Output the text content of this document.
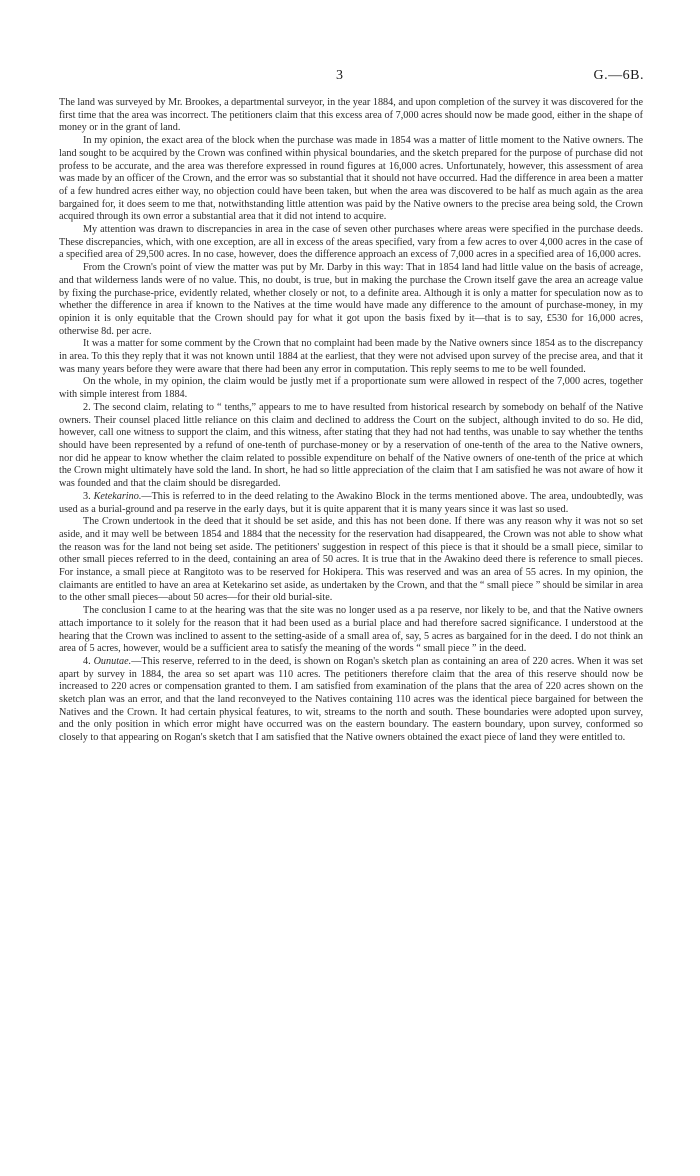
3	G.—6B.

The land was surveyed by Mr. Brookes, a departmental surveyor, in the year 1884, and upon completion of the survey it was discovered for the first time that the area was incorrect. The petitioners claim that this excess area of 7,000 acres should now be made good, either in the shape of money or in the grant of land.

In my opinion, the exact area of the block when the purchase was made in 1854 was a matter of little moment to the Native owners. The land sought to be acquired by the Crown was confined within physical boundaries, and the sketch prepared for the purpose of purchase did not profess to be accurate, and the area was therefore expressed in round figures at 16,000 acres. Unfortunately, however, this assessment of area was made by an officer of the Crown, and the error was so substantial that it should not have occurred. Had the difference in area been a matter of a few hundred acres either way, no objection could have been taken, but when the area was discovered to be half as much again as the area bargained for, it does seem to me that, notwithstanding little attention was paid by the Native owners to the precise area being sold, the Crown acquired through its own error a substantial area that it did not intend to acquire.

My attention was drawn to discrepancies in area in the case of seven other purchases where areas were specified in the purchase deeds. These discrepancies, which, with one exception, are all in excess of the areas specified, vary from a few acres to over 4,000 acres in the case of a specified area of 29,500 acres. In no case, however, does the difference approach an excess of 7,000 acres in a specified area of 16,000 acres.

From the Crown's point of view the matter was put by Mr. Darby in this way: That in 1854 land had little value on the basis of acreage, and that wilderness lands were of no value. This, no doubt, is true, but in making the purchase the Crown itself gave the area an acreage value by fixing the purchase-price, evidently related, whether closely or not, to a definite area. Although it is only a matter for speculation now as to whether the difference in area if known to the Natives at the time would have made any difference to the amount of purchase-money, in my opinion it is only equitable that the Crown should pay for what it got upon the basis fixed by it—that is to say, £530 for 16,000 acres, otherwise 8d. per acre.

It was a matter for some comment by the Crown that no complaint had been made by the Native owners since 1854 as to the discrepancy in area. To this they reply that it was not known until 1884 at the earliest, that they were not advised upon survey of the precise area, and that it was many years before they were aware that there had been any error in computation. This reply seems to me to be well founded.

On the whole, in my opinion, the claim would be justly met if a proportionate sum were allowed in respect of the 7,000 acres, together with simple interest from 1884.

2. The second claim, relating to “ tenths,” appears to me to have resulted from historical research by somebody on behalf of the Native owners. Their counsel placed little reliance on this claim and declined to address the Court on the subject, although invited to do so. He did, however, call one witness to support the claim, and this witness, after stating that they had not had tenths, was unable to say whether the tenths should have been represented by a refund of one-tenth of purchase-money or by a reservation of one-tenth of the area to the Native owners, nor did he appear to know whether the claim related to possible expenditure on behalf of the Native owners of one-tenth of the price at which the Crown might ultimately have sold the land. In short, he had so little appreciation of the claim that I am satisfied he was not aware of how it was founded and that the claim should be disregarded.

3. Ketekarino.—This is referred to in the deed relating to the Awakino Block in the terms mentioned above. The area, undoubtedly, was used as a burial-ground and pa reserve in the early days, but it is quite apparent that it is many years since it was last so used.

The Crown undertook in the deed that it should be set aside, and this has not been done. If there was any reason why it was not so set aside, and it may well be between 1854 and 1884 that the necessity for the reservation had disappeared, the Crown was not able to show what the reason was for the land not being set aside. The petitioners' suggestion in respect of this piece is that it should be a small piece, similar to other small pieces referred to in the deed, containing an area of 50 acres. It is true that in the Awakino deed there is reference to small pieces. For instance, a small piece at Rangitoto was to be reserved for Hokipera. This was reserved and was an area of 55 acres. In my opinion, the claimants are entitled to have an area at Ketekarino set aside, as undertaken by the Crown, and that the “ small piece ” should be similar in area to the other small pieces—about 50 acres—for their old burial-site.

The conclusion I came to at the hearing was that the site was no longer used as a pa reserve, nor likely to be, and that the Native owners attach importance to it solely for the reason that it had been used as a burial place and had therefore sacred significance. I understood at the hearing that the Crown was inclined to assent to the setting-aside of a small area of, say, 5 acres as bargained for in the deed. I do not think an area of 5 acres, however, would be a sufficient area to satisfy the meaning of the words “ small piece ” in the deed.

4. Ounutae.—This reserve, referred to in the deed, is shown on Rogan's sketch plan as containing an area of 220 acres. When it was set apart by survey in 1884, the area so set apart was 110 acres. The petitioners therefore claim that the area of this reserve should now be increased to 220 acres or compensation granted to them. I am satisfied from examination of the plans that the area of 220 acres shown on the sketch plan was an error, and that the land reconveyed to the Natives containing 110 acres was the identical piece bargained for between the Natives and the Crown. It had certain physical features, to wit, streams to the north and south. These boundaries were adopted upon survey, and the only position in which error might have occurred was on the eastern boundary. The eastern boundary, upon survey, conformed so closely to that appearing on Rogan's sketch that I am satisfied that the Native owners obtained the exact piece of land they were entitled to.
